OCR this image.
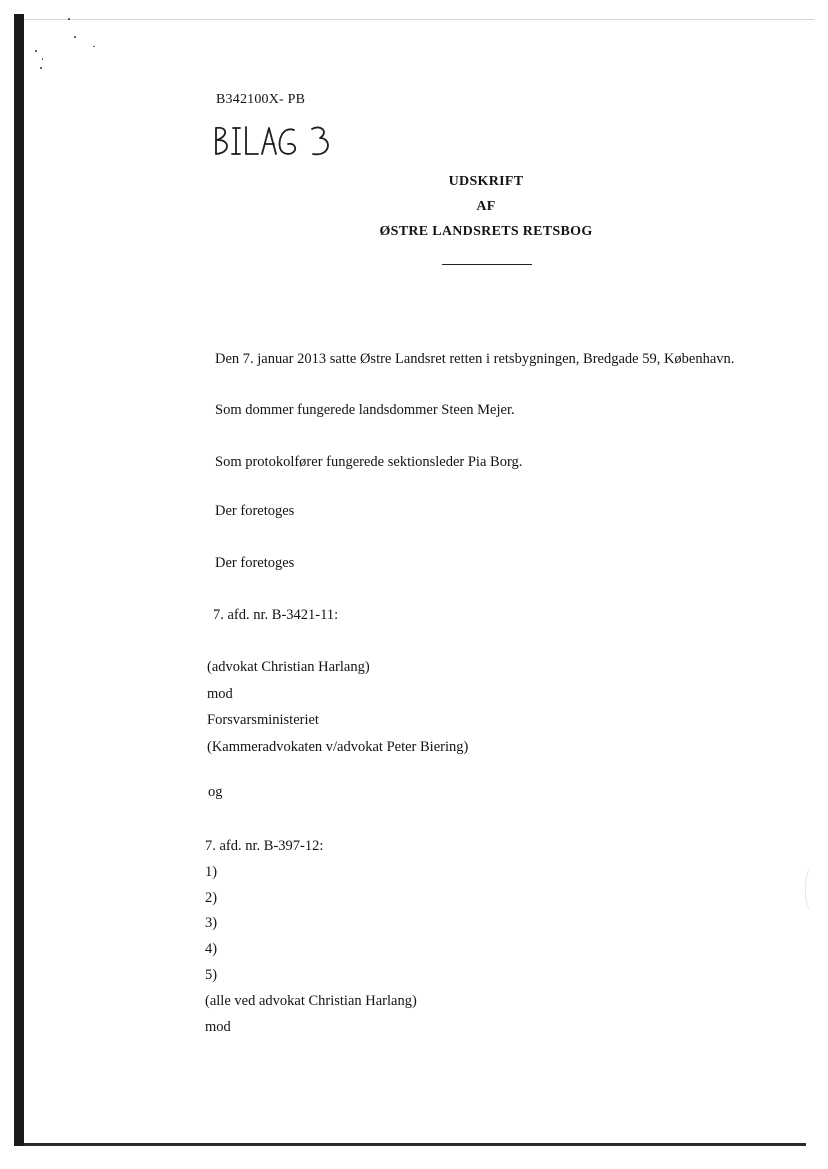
B342100X- PB
UDSKRIFT
AF
ØSTRE LANDSRETS RETSBOG
Den 7. januar 2013 satte Østre Landsret retten i retsbygningen, Bredgade 59, København.
Som dommer fungerede landsdommer Steen Mejer.
Som protokolfører fungerede sektionsleder Pia Borg.
Der foretoges
Der foretoges
7. afd. nr. B-3421-11:
(advokat Christian Harlang)
mod
Forsvarsministeriet
(Kammeradvokaten v/advokat Peter Biering)
og
7. afd. nr. B-397-12:
1)
2)
3)
4)
5)
(alle ved advokat Christian Harlang)
mod
